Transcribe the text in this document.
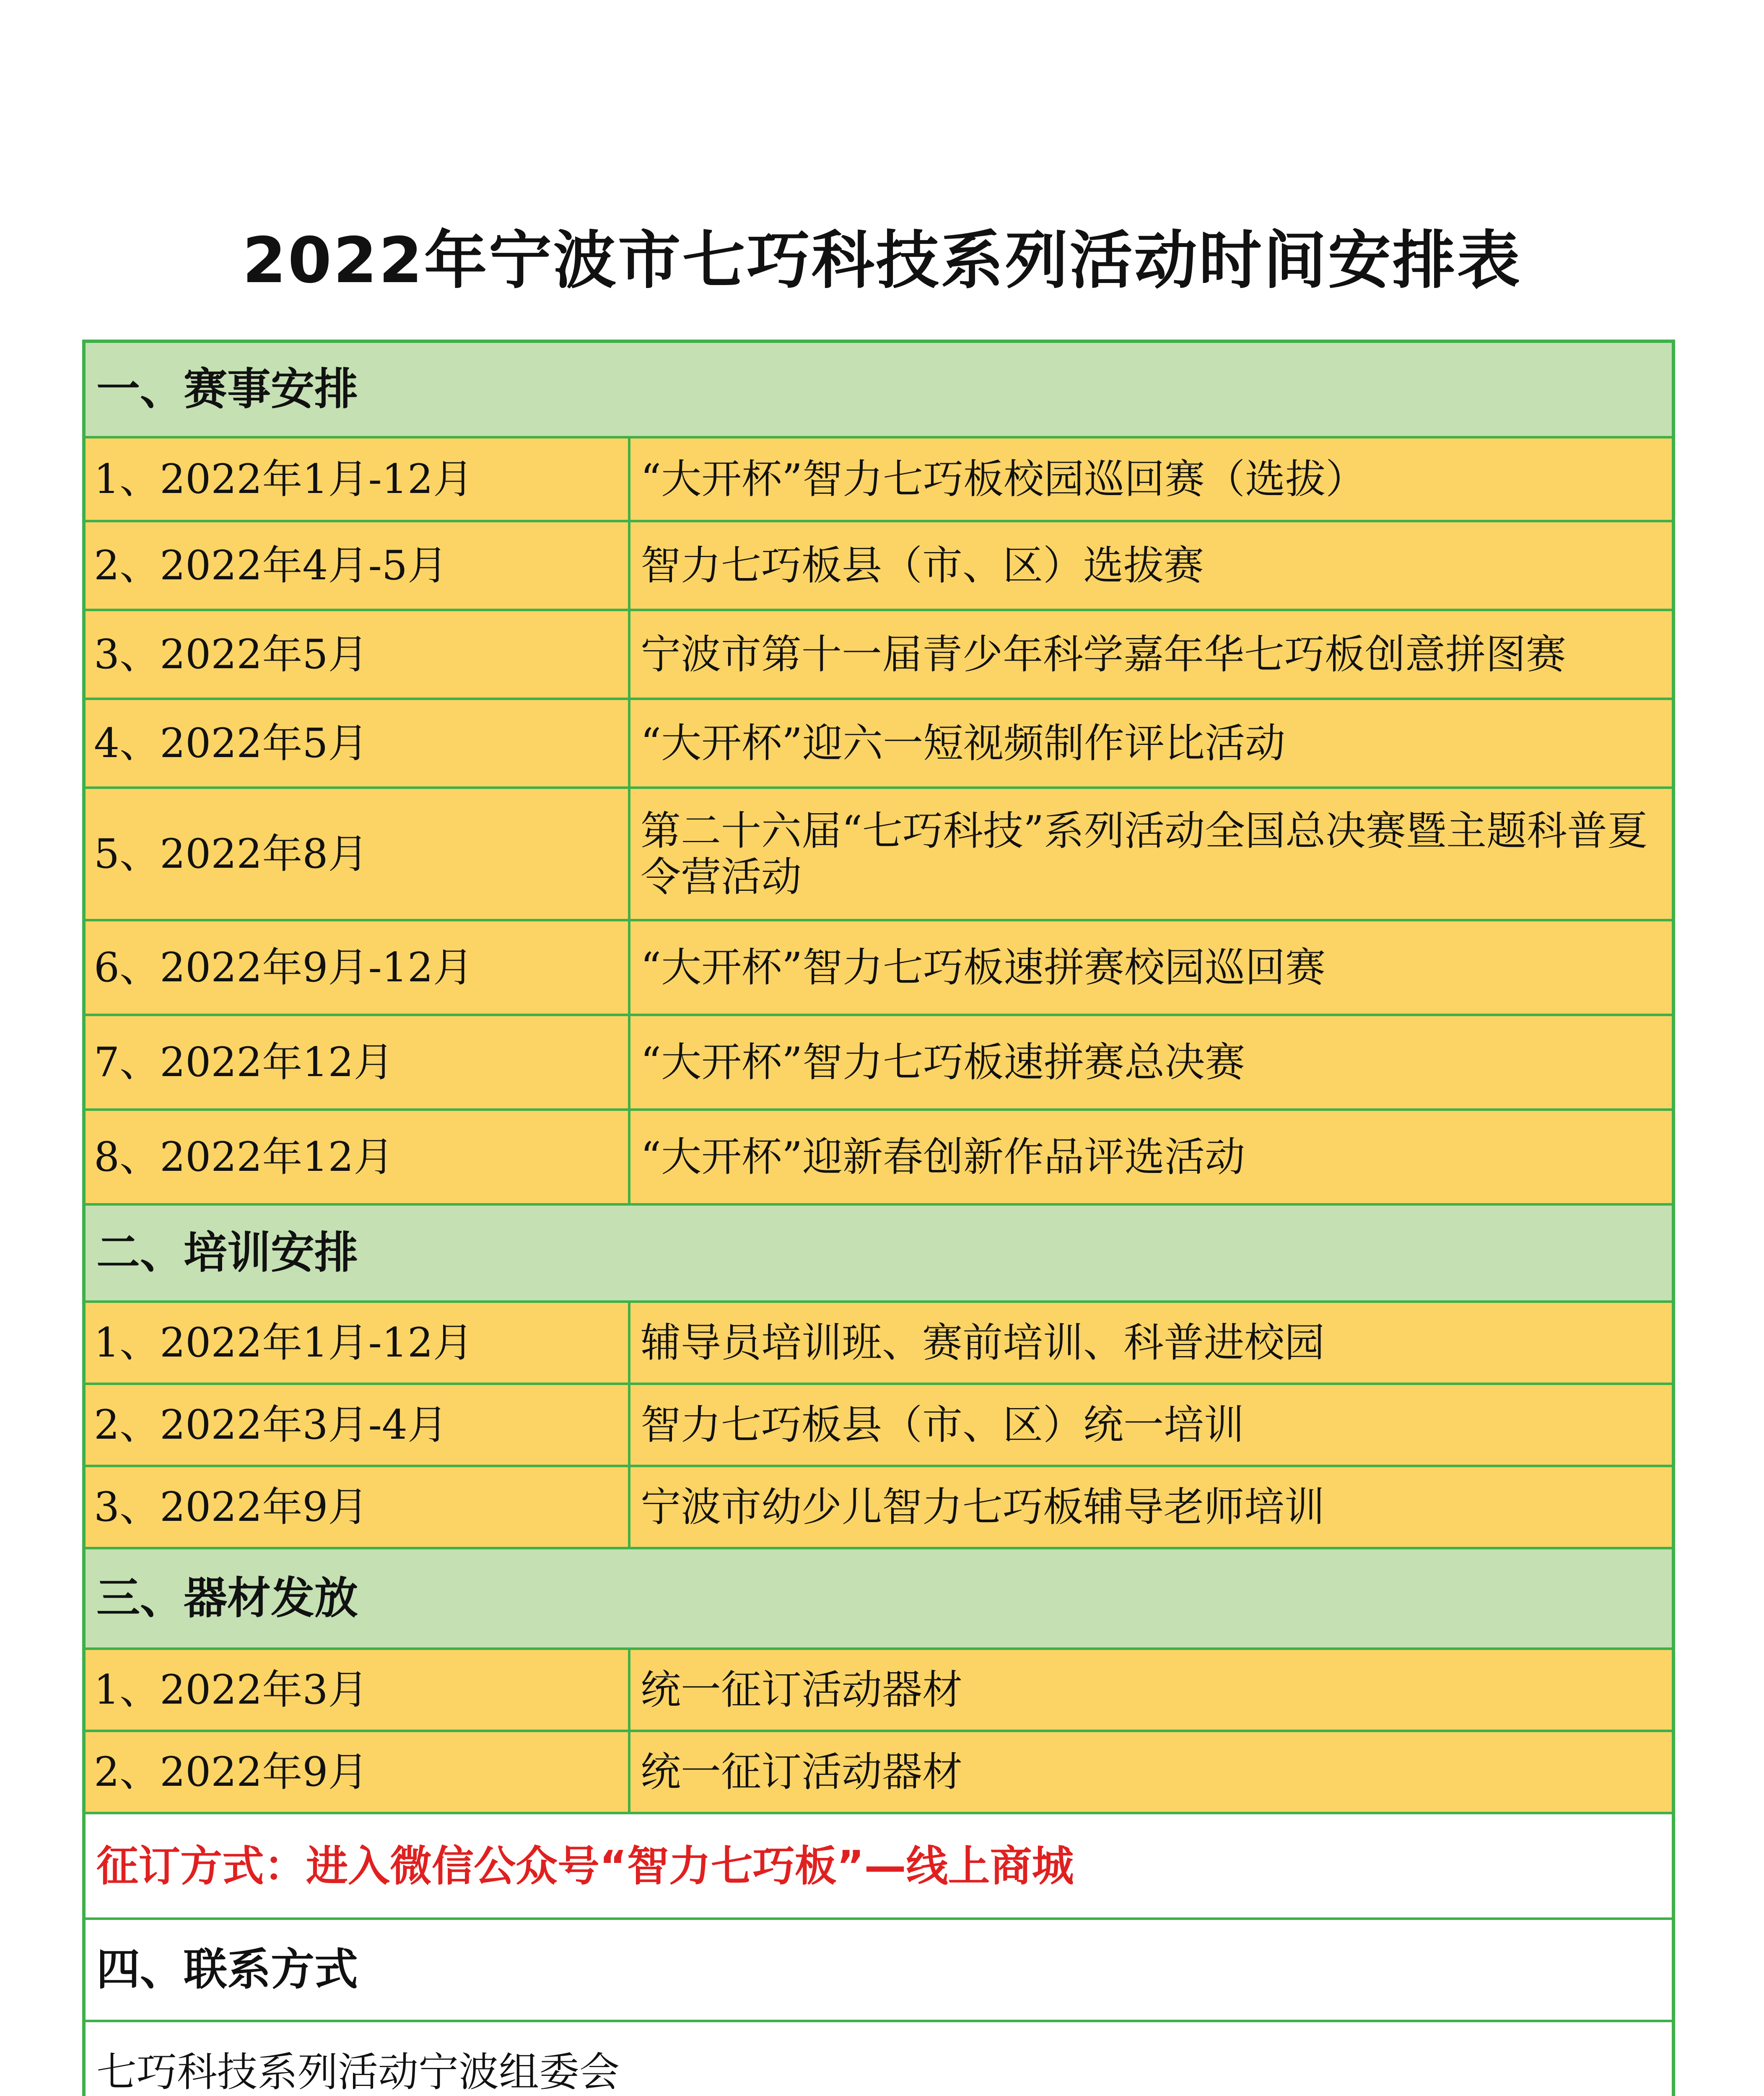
2022年宁波市七巧科技系列活动时间安排表
一、赛事安排
1、2022年1月-12月	“大开杯”智力七巧板校园巡回赛（选拔）
2、2022年4月-5月	智力七巧板县（市、区）选拔赛
3、2022年5月	宁波市第十一届青少年科学嘉年华七巧板创意拼图赛
4、2022年5月	“大开杯”迎六一短视频制作评比活动
5、2022年8月	第二十六届“七巧科技”系列活动全国总决赛暨主题科普夏令营活动
6、2022年9月-12月	“大开杯”智力七巧板速拼赛校园巡回赛
7、2022年12月	“大开杯”智力七巧板速拼赛总决赛
8、2022年12月	“大开杯”迎新春创新作品评选活动
二、培训安排
1、2022年1月-12月	辅导员培训班、赛前培训、科普进校园
2、2022年3月-4月	智力七巧板县（市、区）统一培训
3、2022年9月	宁波市幼少儿智力七巧板辅导老师培训
三、器材发放
1、2022年3月	统一征订活动器材
2、2022年9月	统一征订活动器材
征订方式：进入微信公众号“智力七巧板”—线上商城
四、联系方式
七巧科技系列活动宁波组委会
